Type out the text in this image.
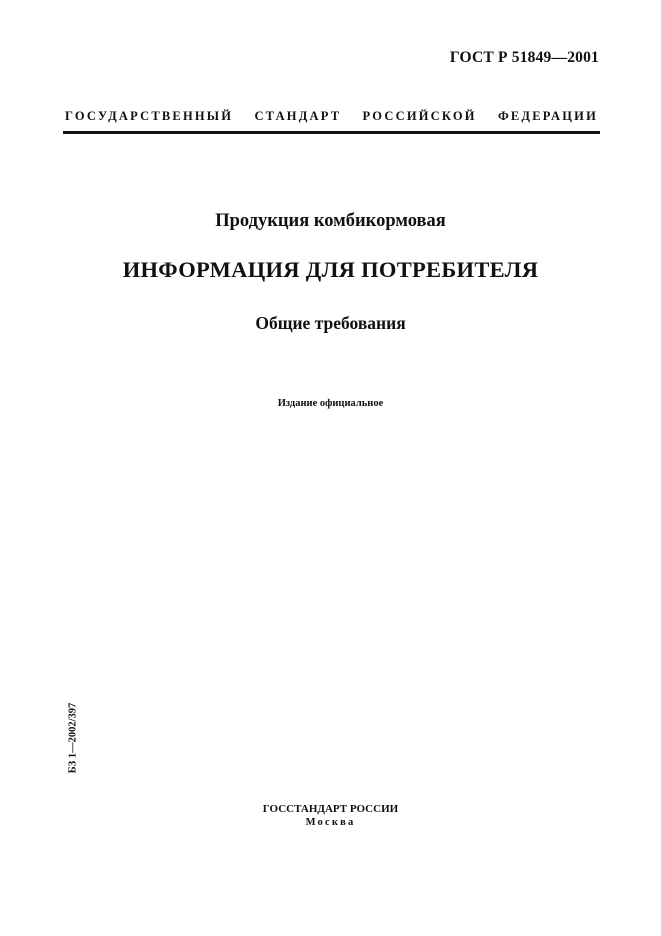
ГОСТ Р 51849—2001
ГОСУДАРСТВЕННЫЙ СТАНДАРТ РОССИЙСКОЙ ФЕДЕРАЦИИ
Продукция комбикормовая
ИНФОРМАЦИЯ ДЛЯ ПОТРЕБИТЕЛЯ
Общие требования
Издание официальное
БЗ 1—2002/397
ГОССТАНДАРТ РОССИИ
Москва
